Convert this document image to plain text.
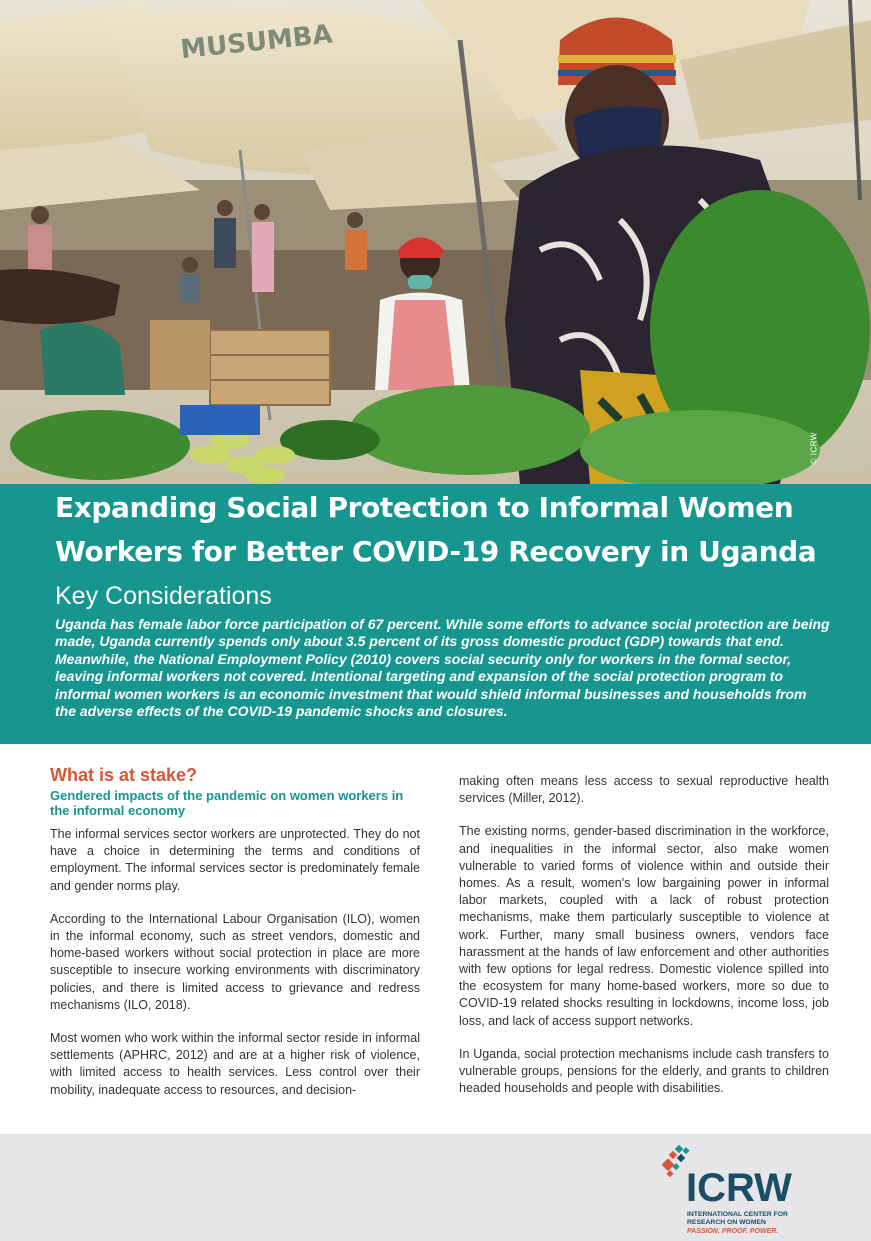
MUSUMBA
© ICRW
Expanding Social Protection to Informal Women Workers for Better COVID-19 Recovery in Uganda
Key Considerations
Uganda has female labor force participation of 67 percent. While some efforts to advance social protection are being made, Uganda currently spends only about 3.5 percent of its gross domestic product (GDP) towards that end. Meanwhile, the National Employment Policy (2010) covers social security only for workers in the formal sector, leaving informal workers not covered. Intentional targeting and expansion of the social protection program to informal women workers is an economic investment that would shield informal businesses and households from the adverse effects of the COVID-19 pandemic shocks and closures.
What is at stake?
Gendered impacts of the pandemic on women workers in the informal economy

The informal services sector workers are unprotected. They do not have a choice in determining the terms and conditions of employment. The informal services sector is predominately female and gender norms play.

According to the International Labour Organisation (ILO), women in the informal economy, such as street vendors, domestic and home-based workers without social protection in place are more susceptible to insecure working environments with discriminatory policies, and there is limited access to grievance and redress mechanisms (ILO, 2018).

Most women who work within the informal sector reside in informal settlements (APHRC, 2012) and are at a higher risk of violence, with limited access to health services. Less control over their mobility, inadequate access to resources, and decision-

making often means less access to sexual reproductive health services (Miller, 2012).

The existing norms, gender-based discrimination in the workforce, and inequalities in the informal sector, also make women vulnerable to varied forms of violence within and outside their homes. As a result, women's low bargaining power in informal labor markets, coupled with a lack of robust protection mechanisms, make them particularly susceptible to violence at work. Further, many small business owners, vendors face harassment at the hands of law enforcement and other authorities with few options for legal redress. Domestic violence spilled into the ecosystem for many home-based workers, more so due to COVID-19 related shocks resulting in lockdowns, income loss, job loss, and lack of access support networks.

In Uganda, social protection mechanisms include cash transfers to vulnerable groups, pensions for the elderly, and grants to children headed households and people with disabilities.

ICRW
INTERNATIONAL CENTER FOR RESEARCH ON WOMEN
PASSION. PROOF. POWER.
